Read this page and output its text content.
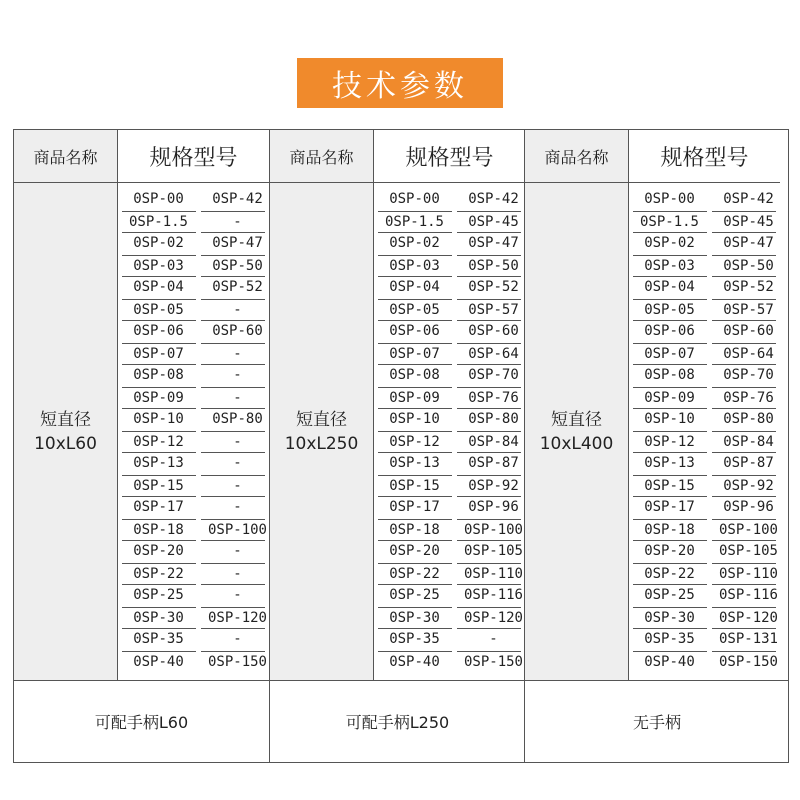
技术参数
商品名称	规格型号
短直径
10xL60
0SP-00	0SP-42
0SP-1.5	-
0SP-02	0SP-47
0SP-03	0SP-50
0SP-04	0SP-52
0SP-05	-
0SP-06	0SP-60
0SP-07	-
0SP-08	-
0SP-09	-
0SP-10	0SP-80
0SP-12	-
0SP-13	-
0SP-15	-
0SP-17	-
0SP-18	0SP-100
0SP-20	-
0SP-22	-
0SP-25	-
0SP-30	0SP-120
0SP-35	-
0SP-40	0SP-150
可配手柄L60
商品名称	规格型号
短直径
10xL250
0SP-00	0SP-42
0SP-1.5	0SP-45
0SP-02	0SP-47
0SP-03	0SP-50
0SP-04	0SP-52
0SP-05	0SP-57
0SP-06	0SP-60
0SP-07	0SP-64
0SP-08	0SP-70
0SP-09	0SP-76
0SP-10	0SP-80
0SP-12	0SP-84
0SP-13	0SP-87
0SP-15	0SP-92
0SP-17	0SP-96
0SP-18	0SP-100
0SP-20	0SP-105
0SP-22	0SP-110
0SP-25	0SP-116
0SP-30	0SP-120
0SP-35	-
0SP-40	0SP-150
可配手柄L250
商品名称	规格型号
短直径
10xL400
0SP-00	0SP-42
0SP-1.5	0SP-45
0SP-02	0SP-47
0SP-03	0SP-50
0SP-04	0SP-52
0SP-05	0SP-57
0SP-06	0SP-60
0SP-07	0SP-64
0SP-08	0SP-70
0SP-09	0SP-76
0SP-10	0SP-80
0SP-12	0SP-84
0SP-13	0SP-87
0SP-15	0SP-92
0SP-17	0SP-96
0SP-18	0SP-100
0SP-20	0SP-105
0SP-22	0SP-110
0SP-25	0SP-116
0SP-30	0SP-120
0SP-35	0SP-131
0SP-40	0SP-150
无手柄
